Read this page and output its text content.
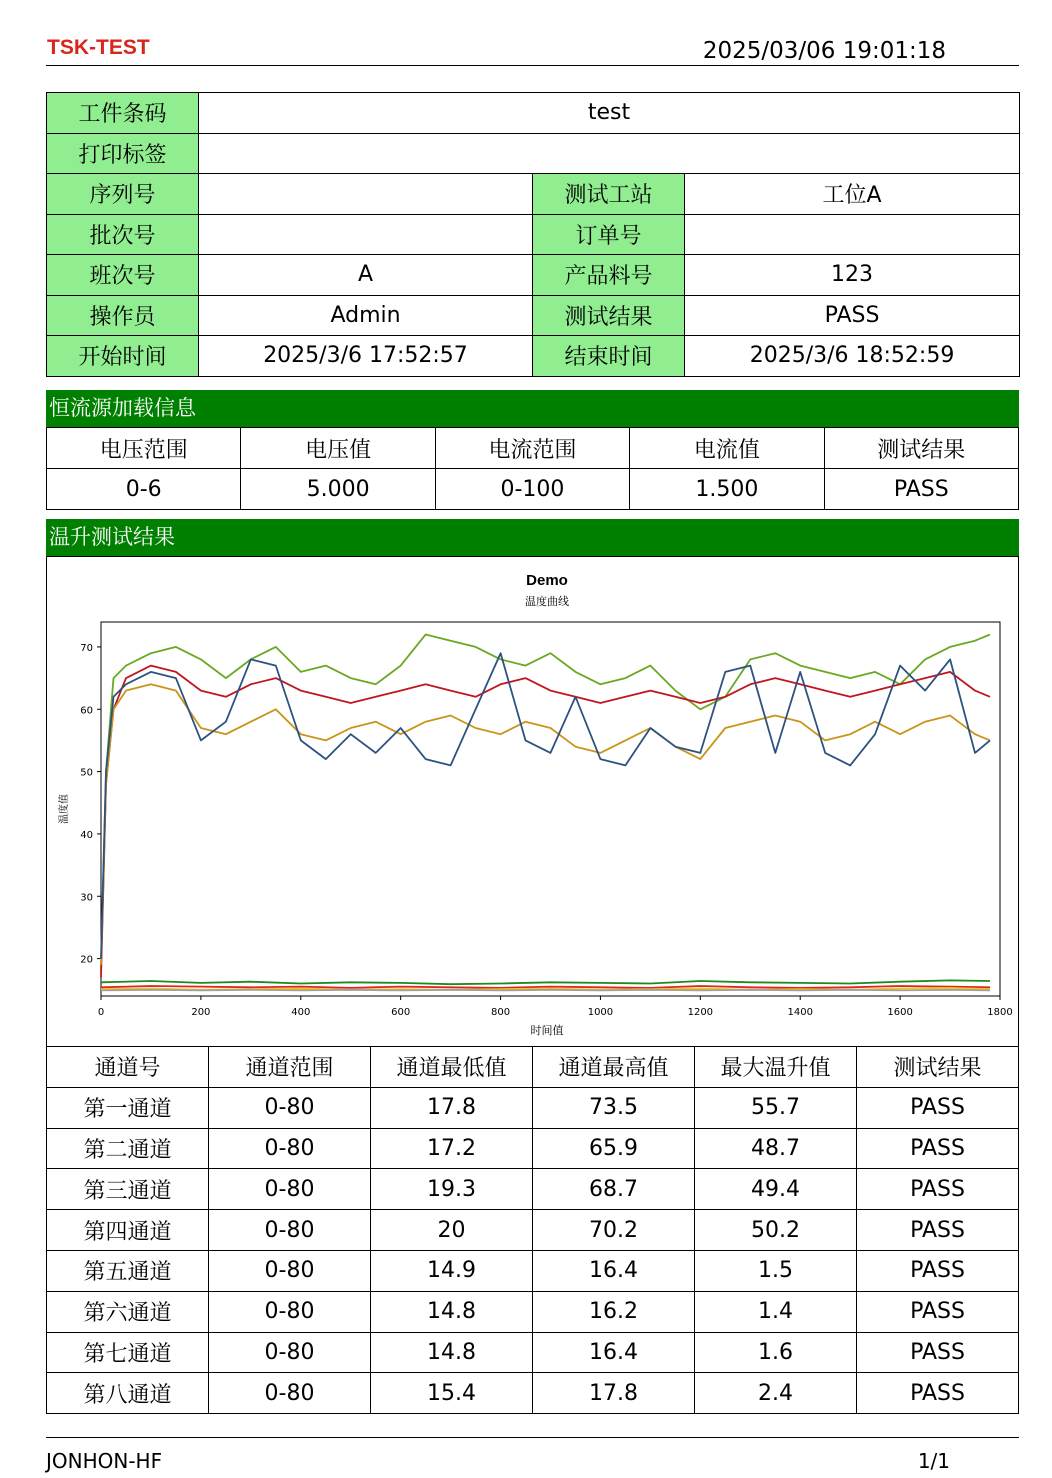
TSK-TEST	2025/03/06 19:01:18
工件条码	test		
打印标签			
序列号		测试工站	工位A
批次号		订单号	
班次号	A	产品料号	123
操作员	Admin	测试结果	PASS
开始时间	2025/3/6 17:52:57	结束时间	2025/3/6 18:52:59
恒流源加载信息
电压范围	电压值	电流范围	电流值	测试结果
0-6	5.000	0-100	1.500	PASS
温升测试结果
Demo
温度曲线
时间值
温度值
0	200	400	600	800	1000	1200	1400	1600	1800
20
30
40
50
60
70
通道号	通道范围	通道最低值	通道最高值	最大温升值	测试结果
第一通道	0-80	17.8	73.5	55.7	PASS
第二通道	0-80	17.2	65.9	48.7	PASS
第三通道	0-80	19.3	68.7	49.4	PASS
第四通道	0-80	20	70.2	50.2	PASS
第五通道	0-80	14.9	16.4	1.5	PASS
第六通道	0-80	14.8	16.2	1.4	PASS
第七通道	0-80	14.8	16.4	1.6	PASS
第八通道	0-80	15.4	17.8	2.4	PASS
JONHON-HF	1/1
